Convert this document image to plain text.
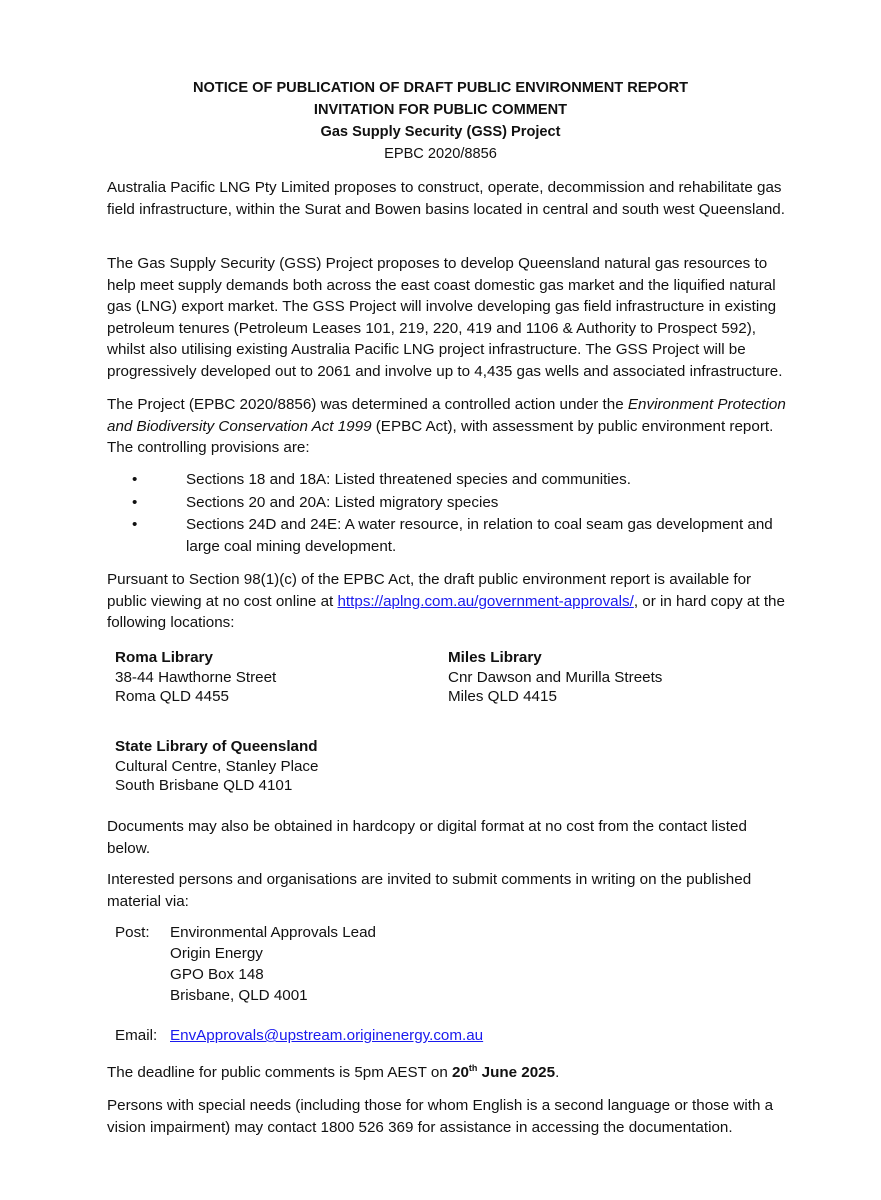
NOTICE OF PUBLICATION OF DRAFT PUBLIC ENVIRONMENT REPORT
INVITATION FOR PUBLIC COMMENT
Gas Supply Security (GSS) Project
EPBC 2020/8856

Australia Pacific LNG Pty Limited proposes to construct, operate, decommission and rehabilitate gas field infrastructure, within the Surat and Bowen basins located in central and south west Queensland.

The Gas Supply Security (GSS) Project proposes to develop Queensland natural gas resources to help meet supply demands both across the east coast domestic gas market and the liquified natural gas (LNG) export market. The GSS Project will involve developing gas field infrastructure in existing petroleum tenures (Petroleum Leases 101, 219, 220, 419 and 1106 & Authority to Prospect 592), whilst also utilising existing Australia Pacific LNG project infrastructure. The GSS Project will be progressively developed out to 2061 and involve up to 4,435 gas wells and associated infrastructure.

The Project (EPBC 2020/8856) was determined a controlled action under the Environment Protection and Biodiversity Conservation Act 1999 (EPBC Act), with assessment by public environment report. The controlling provisions are:

•	Sections 18 and 18A: Listed threatened species and communities.
•	Sections 20 and 20A: Listed migratory species
•	Sections 24D and 24E: A water resource, in relation to coal seam gas development and large coal mining development.

Pursuant to Section 98(1)(c) of the EPBC Act, the draft public environment report is available for public viewing at no cost online at https://aplng.com.au/government-approvals/, or in hard copy at the following locations:

Roma Library
38-44 Hawthorne Street
Roma QLD 4455
Miles Library
Cnr Dawson and Murilla Streets
Miles QLD 4415
State Library of Queensland
Cultural Centre, Stanley Place
South Brisbane QLD 4101

Documents may also be obtained in hardcopy or digital format at no cost from the contact listed below.

Interested persons and organisations are invited to submit comments in writing on the published material via:

Post: Environmental Approvals Lead
Origin Energy
GPO Box 148
Brisbane, QLD 4001
Email: EnvApprovals@upstream.originenergy.com.au

The deadline for public comments is 5pm AEST on 20th June 2025.

Persons with special needs (including those for whom English is a second language or those with a vision impairment) may contact 1800 526 369 for assistance in accessing the documentation.
